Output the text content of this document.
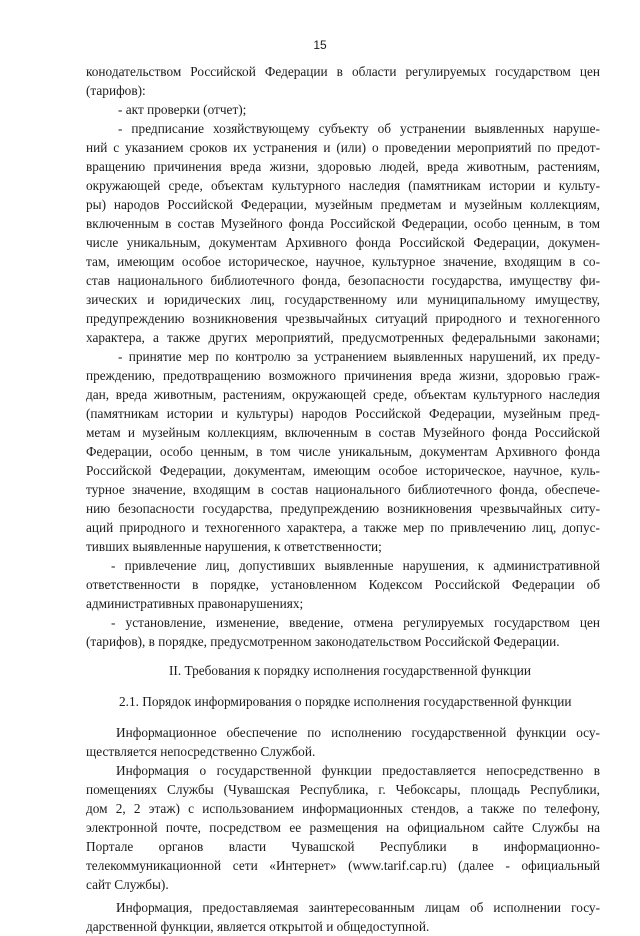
15
конодательством Российской Федерации в области регулируемых государством цен
(тарифов):
- акт проверки (отчет);
- предписание хозяйствующему субъекту об устранении выявленных наруше-
ний с указанием сроков их устранения и (или) о проведении мероприятий по предот-
вращению причинения вреда жизни, здоровью людей, вреда животным, растениям,
окружающей среде, объектам культурного наследия (памятникам истории и культу-
ры) народов Российской Федерации, музейным предметам и музейным коллекциям,
включенным в состав Музейного фонда Российской Федерации, особо ценным, в том
числе уникальным, документам Архивного фонда Российской Федерации, докумен-
там, имеющим особое историческое, научное, культурное значение, входящим в со-
став национального библиотечного фонда, безопасности государства, имуществу фи-
зических и юридических лиц, государственному или муниципальному имуществу,
предупреждению возникновения чрезвычайных ситуаций природного и техногенного
характера, а также других мероприятий, предусмотренных федеральными законами;
- принятие мер по контролю за устранением выявленных нарушений, их преду-
преждению, предотвращению возможного причинения вреда жизни, здоровью граж-
дан, вреда животным, растениям, окружающей среде, объектам культурного наследия
(памятникам истории и культуры) народов Российской Федерации, музейным пред-
метам и музейным коллекциям, включенным в состав Музейного фонда Российской
Федерации, особо ценным, в том числе уникальным, документам Архивного фонда
Российской Федерации, документам, имеющим особое историческое, научное, куль-
турное значение, входящим в состав национального библиотечного фонда, обеспече-
нию безопасности государства, предупреждению возникновения чрезвычайных ситу-
аций природного и техногенного характера, а также мер по привлечению лиц, допус-
тивших выявленные нарушения, к ответственности;
- привлечение лиц, допустивших выявленные нарушения, к административной
ответственности в порядке, установленном Кодексом Российской Федерации об
административных правонарушениях;
- установление, изменение, введение, отмена регулируемых государством цен
(тарифов), в порядке, предусмотренном законодательством Российской Федерации.
II. Требования к порядку исполнения государственной функции
2.1. Порядок информирования о порядке исполнения государственной функции
Информационное обеспечение по исполнению государственной функции осу-
ществляется непосредственно Службой.
Информация о государственной функции предоставляется непосредственно в
помещениях Службы (Чувашская Республика, г. Чебоксары, площадь Республики,
дом 2, 2 этаж) с использованием информационных стендов, а также по телефону,
электронной почте, посредством ее размещения на официальном сайте Службы на
Портале органов власти Чувашской Республики в информационно-
телекоммуникационной сети «Интернет» (www.tarif.cap.ru) (далее - официальный
сайт Службы).
Информация, предоставляемая заинтересованным лицам об исполнении госу-
дарственной функции, является открытой и общедоступной.
